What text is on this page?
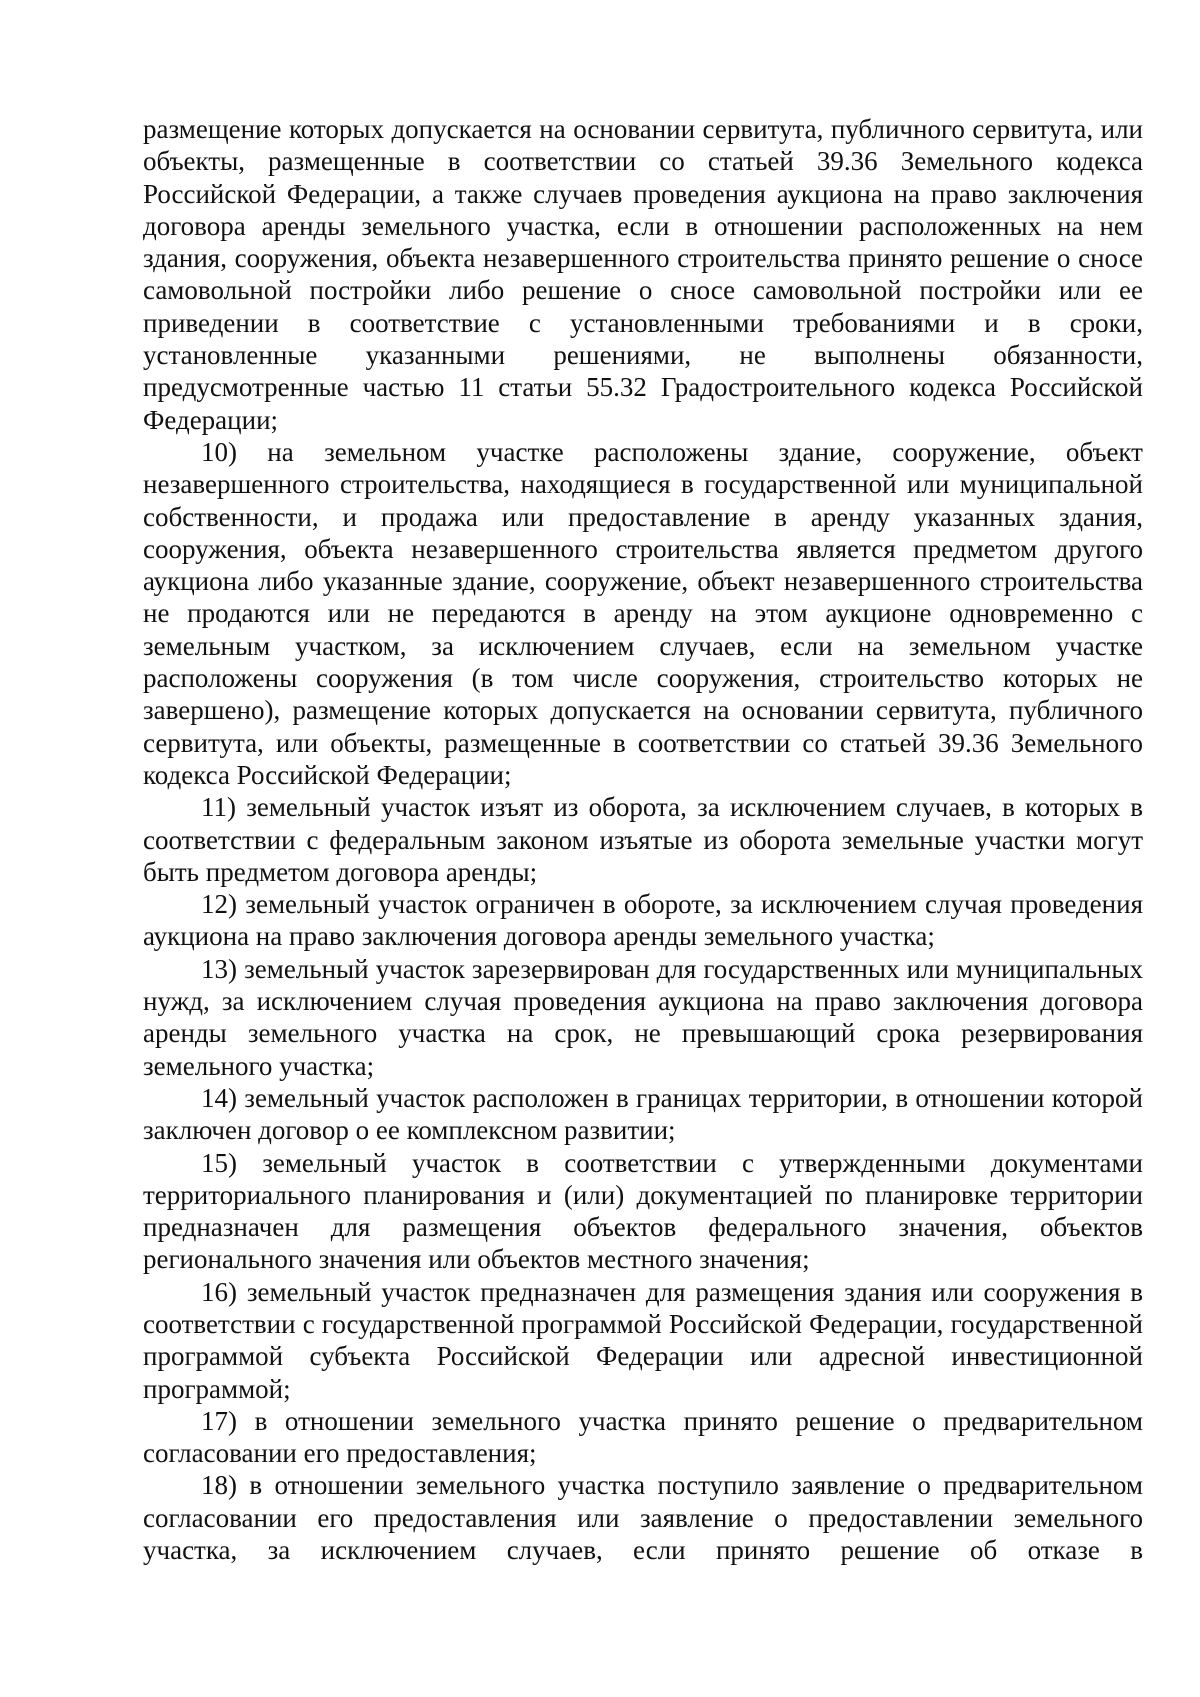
размещение которых допускается на основании сервитута, публичного сервитута, или объекты, размещенные в соответствии со статьей 39.36 Земельного кодекса Российской Федерации, а также случаев проведения аукциона на право заключения договора аренды земельного участка, если в отношении расположенных на нем здания, сооружения, объекта незавершенного строительства принято решение о сносе самовольной постройки либо решение о сносе самовольной постройки или ее приведении в соответствие с установленными требованиями и в сроки, установленные указанными решениями, не выполнены обязанности, предусмотренные частью 11 статьи 55.32 Градостроительного кодекса Российской Федерации;

10) на земельном участке расположены здание, сооружение, объект незавершенного строительства, находящиеся в государственной или муниципальной собственности, и продажа или предоставление в аренду указанных здания, сооружения, объекта незавершенного строительства является предметом другого аукциона либо указанные здание, сооружение, объект незавершенного строительства не продаются или не передаются в аренду на этом аукционе одновременно с земельным участком, за исключением случаев, если на земельном участке расположены сооружения (в том числе сооружения, строительство которых не завершено), размещение которых допускается на основании сервитута, публичного сервитута, или объекты, размещенные в соответствии со статьей 39.36 Земельного кодекса Российской Федерации;

11) земельный участок изъят из оборота, за исключением случаев, в которых в соответствии с федеральным законом изъятые из оборота земельные участки могут быть предметом договора аренды;

12) земельный участок ограничен в обороте, за исключением случая проведения аукциона на право заключения договора аренды земельного участка;

13) земельный участок зарезервирован для государственных или муниципальных нужд, за исключением случая проведения аукциона на право заключения договора аренды земельного участка на срок, не превышающий срока резервирования земельного участка;

14) земельный участок расположен в границах территории, в отношении которой заключен договор о ее комплексном развитии;

15) земельный участок в соответствии с утвержденными документами территориального планирования и (или) документацией по планировке территории предназначен для размещения объектов федерального значения, объектов регионального значения или объектов местного значения;

16) земельный участок предназначен для размещения здания или сооружения в соответствии с государственной программой Российской Федерации, государственной программой субъекта Российской Федерации или адресной инвестиционной программой;

17) в отношении земельного участка принято решение о предварительном согласовании его предоставления;

18) в отношении земельного участка поступило заявление о предварительном согласовании его предоставления или заявление о предоставлении земельного участка, за исключением случаев, если принято решение об отказе в
